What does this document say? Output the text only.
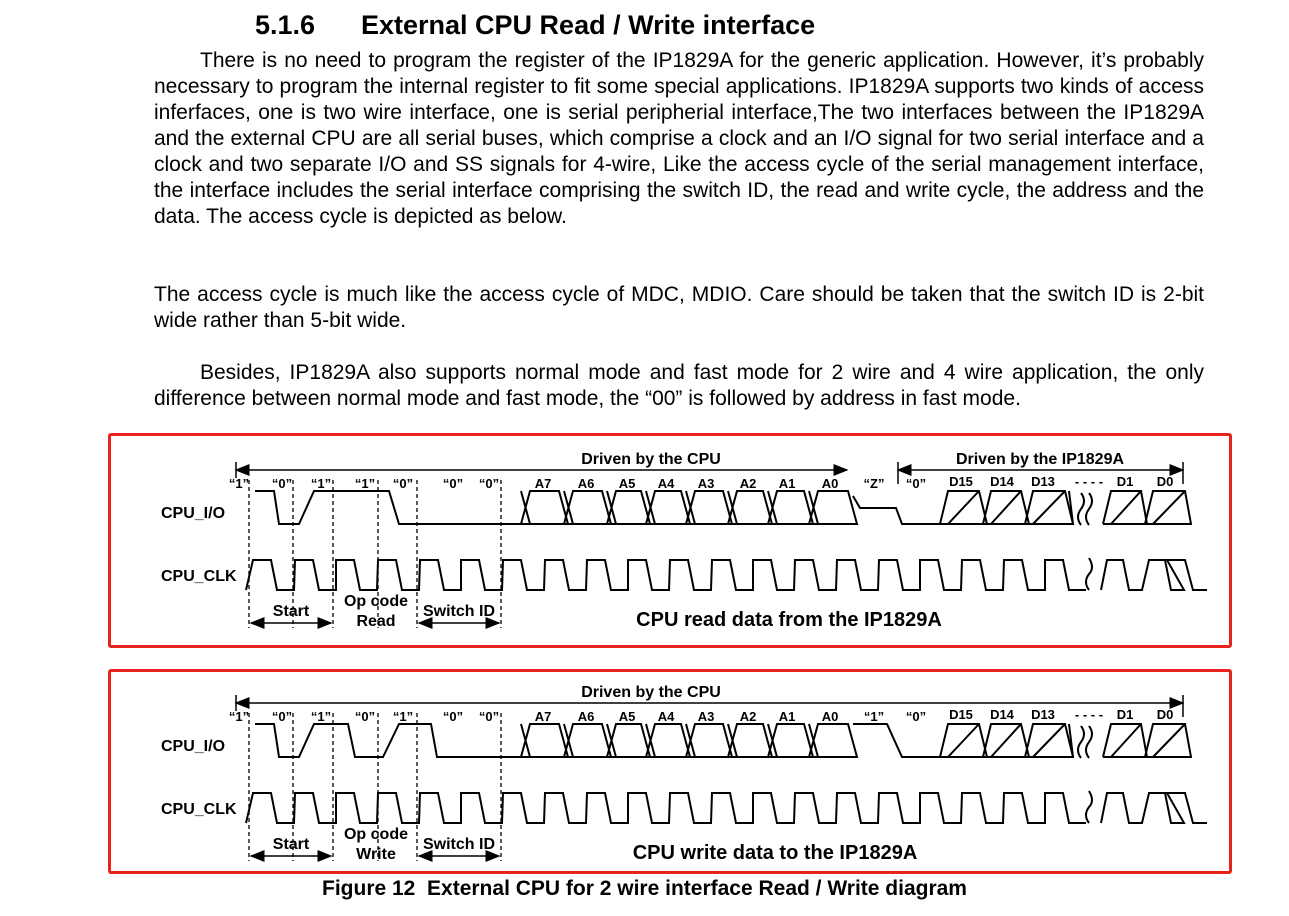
5.1.6 External CPU Read / Write interface

There is no need to program the register of the IP1829A for the generic application. However, it’s probably necessary to program the internal register to fit some special applications. IP1829A supports two kinds of access inferfaces, one is two wire interface, one is serial peripherial interface,The two interfaces between the IP1829A and the external CPU are all serial buses, which comprise a clock and an I/O signal for two serial interface and a clock and two separate I/O and SS signals for 4-wire, Like the access cycle of the serial management interface, the interface includes the serial interface comprising the switch ID, the read and write cycle, the address and the data. The access cycle is depicted as below.

The access cycle is much like the access cycle of MDC, MDIO. Care should be taken that the switch ID is 2-bit wide rather than 5-bit wide.

Besides, IP1829A also supports normal mode and fast mode for 2 wire and 4 wire application, the only difference between normal mode and fast mode, the “00” is followed by address in fast mode.

Driven by the CPU	Driven by the IP1829A
“1” “0” “1” “1” “0” “0” “0”	A7 A6 A5 A4 A3 A2 A1 A0 “Z” “0” D15 D14 D13 - - - - D1 D0
CPU_I/O
CPU_CLK
Start
Op code
Read
Switch ID	CPU read data from the IP1829A
Driven by the CPU
“1” “0” “1” “0” “1” “0” “0”	A7 A6 A5 A4 A3 A2 A1 A0 “1” “0” D15 D14 D13 - - - - D1 D0
CPU_I/O
CPU_CLK
Start
Op code
Write
Switch ID	CPU write data to the IP1829A
Figure 12  External CPU for 2 wire interface Read / Write diagram
